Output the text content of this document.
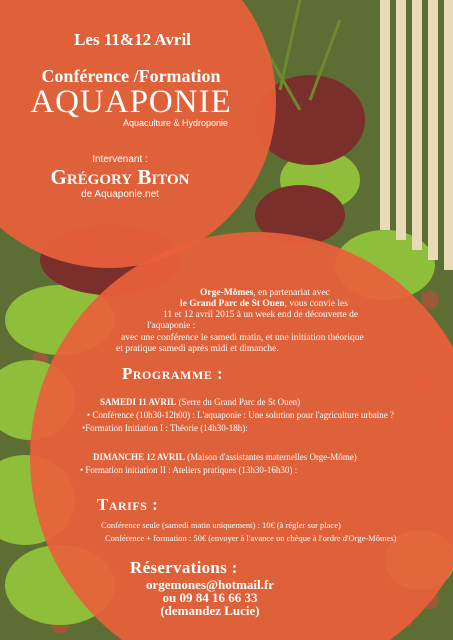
Les 11&12 Avril
Conférence /Formation
AQUAPONIE
Aquaculture & Hydroponie
Intervenant :
Grégory Biton
de Aquaponie.net
Orge-Mômes, en partenariat avec
le Grand Parc de St Ouen, vous convie les
11 et 12 avril 2015 à un week end de découverte de
l'aquaponie :
avec une conférence le samedi matin, et une initiation théorique
et pratique samedi après midi et dimanche.
Programme :
SAMEDI 11 AVRIL (Serre du Grand Parc de St Ouen)
• Conférence (10h30-12h00) : L'aquaponie : Une solution pour l'agriculture urbaine ?
•Formation Initiation I : Théorie (14h30-18h):
DIMANCHE 12 AVRIL (Maison d'assistantes maternelles Orge-Môme)
• Formation initiation II : Ateliers pratiques (13h30-16h30) :
Tarifs :
Conférence seule (samedi matin uniquement) : 10€ (à régler sur place)
Conférence + formation : 50€ (envoyer à l'avance un chèque à l'ordre d'Orge-Mômes)
Réservations :
orgemones@hotmail.fr
ou 09 84 16 66 33
(demandez Lucie)
